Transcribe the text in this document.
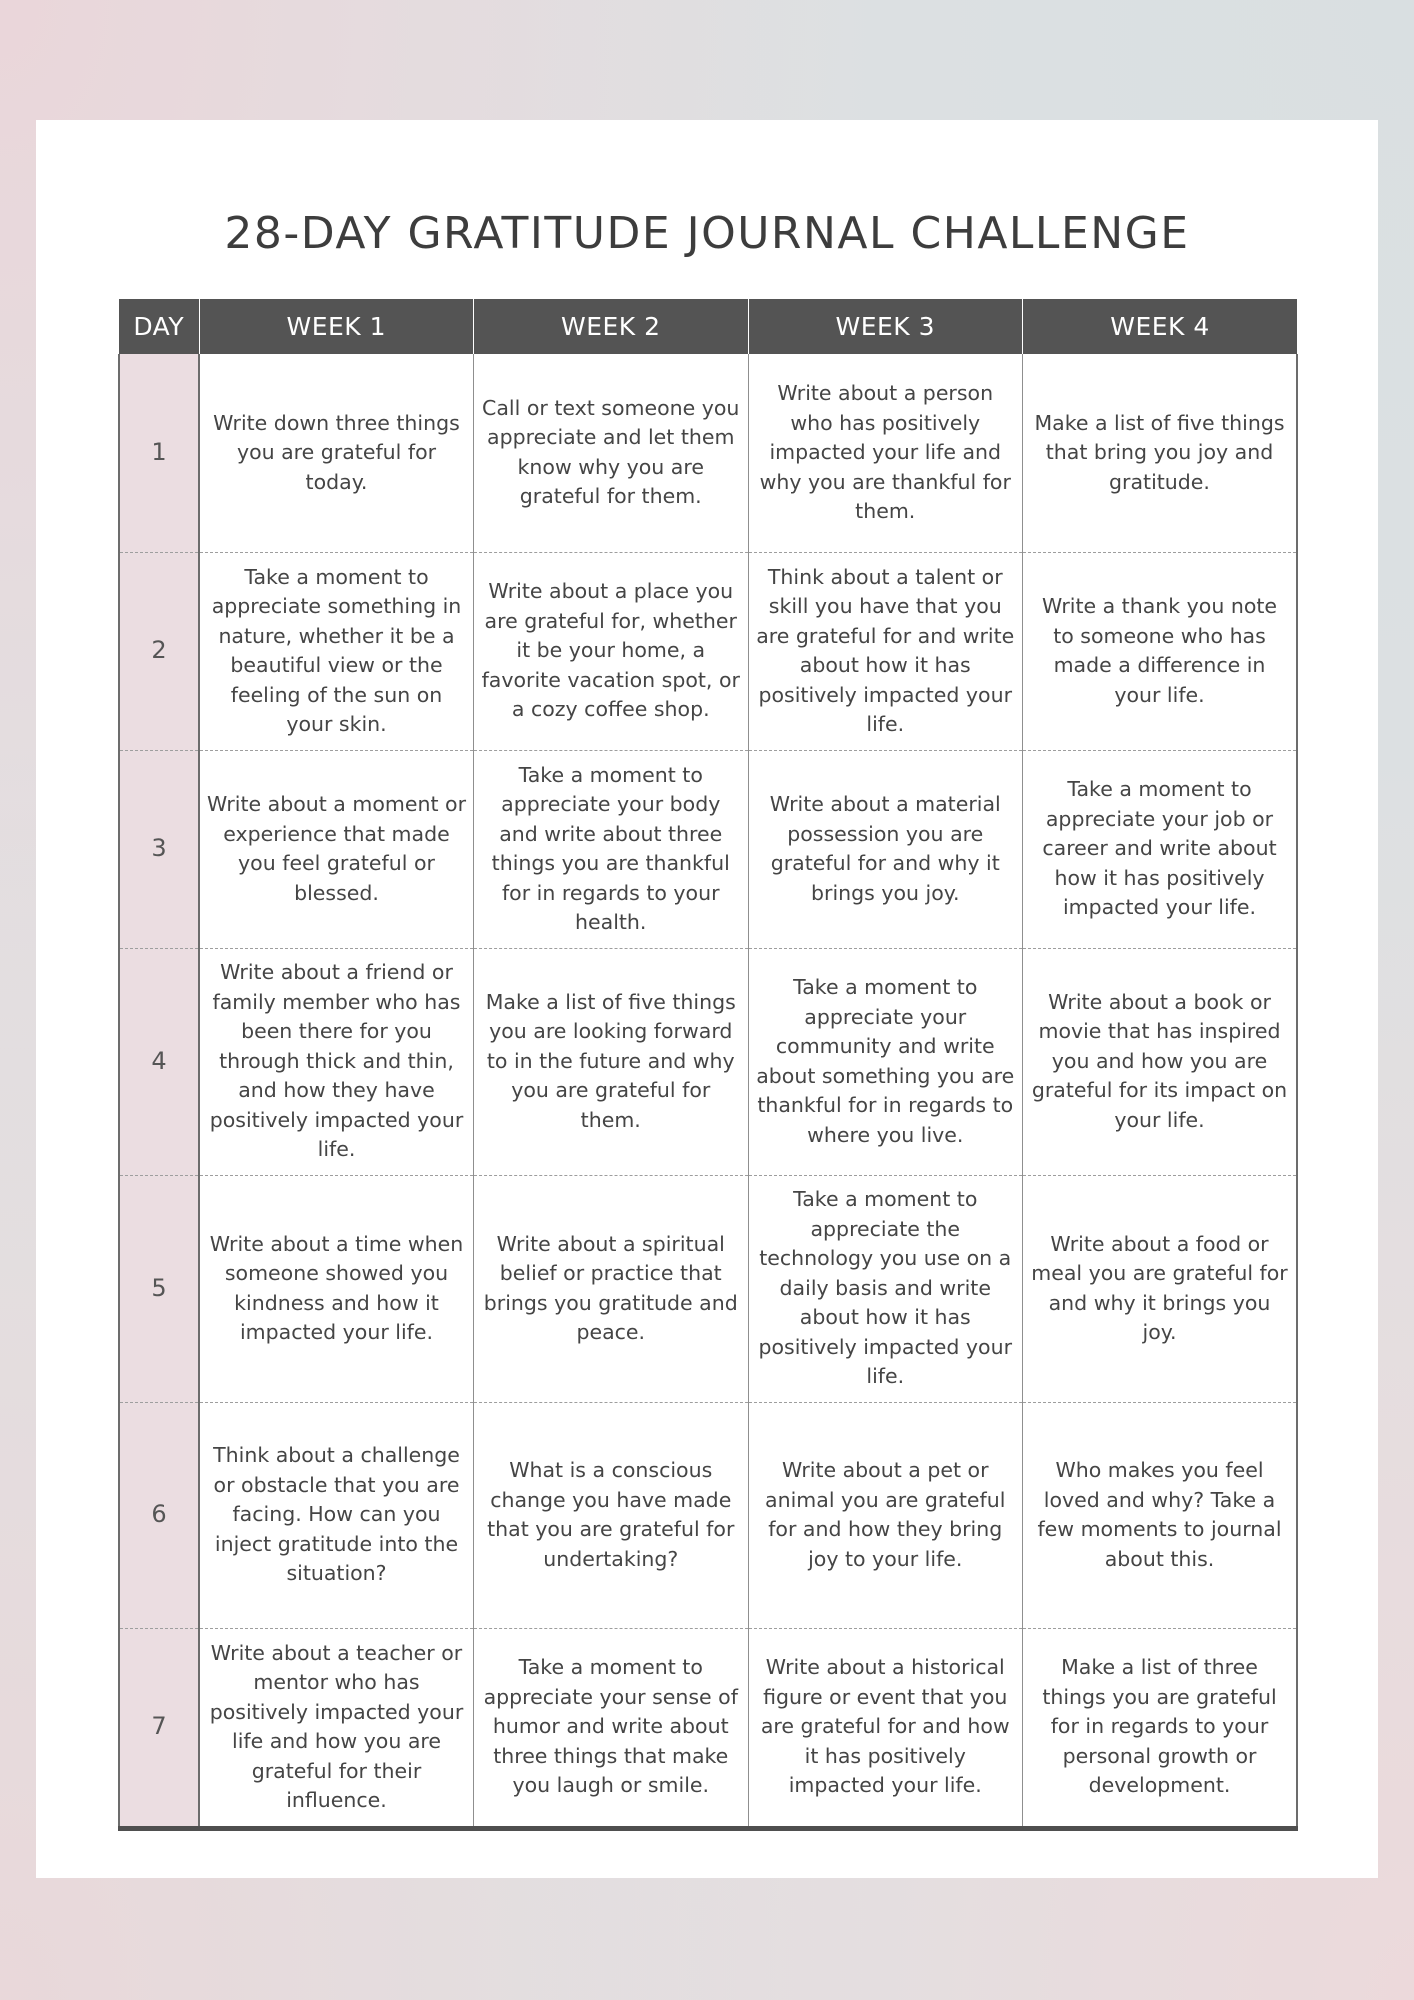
28-DAY GRATITUDE JOURNAL CHALLENGE
DAY	WEEK 1	WEEK 2	WEEK 3	WEEK 4
1	Write down three things you are grateful for today.	Call or text someone you appreciate and let them know why you are grateful for them.	Write about a person who has positively impacted your life and why you are thankful for them.	Make a list of five things that bring you joy and gratitude.
2	Take a moment to appreciate something in nature, whether it be a beautiful view or the feeling of the sun on your skin.	Write about a place you are grateful for, whether it be your home, a favorite vacation spot, or a cozy coffee shop.	Think about a talent or skill you have that you are grateful for and write about how it has positively impacted your life.	Write a thank you note to someone who has made a difference in your life.
3	Write about a moment or experience that made you feel grateful or blessed.	Take a moment to appreciate your body and write about three things you are thankful for in regards to your health.	Write about a material possession you are grateful for and why it brings you joy.	Take a moment to appreciate your job or career and write about how it has positively impacted your life.
4	Write about a friend or family member who has been there for you through thick and thin, and how they have positively impacted your life.	Make a list of five things you are looking forward to in the future and why you are grateful for them.	Take a moment to appreciate your community and write about something you are thankful for in regards to where you live.	Write about a book or movie that has inspired you and how you are grateful for its impact on your life.
5	Write about a time when someone showed you kindness and how it impacted your life.	Write about a spiritual belief or practice that brings you gratitude and peace.	Take a moment to appreciate the technology you use on a daily basis and write about how it has positively impacted your life.	Write about a food or meal you are grateful for and why it brings you joy.
6	Think about a challenge or obstacle that you are facing. How can you inject gratitude into the situation?	What is a conscious change you have made that you are grateful for undertaking?	Write about a pet or animal you are grateful for and how they bring joy to your life.	Who makes you feel loved and why? Take a few moments to journal about this.
7	Write about a teacher or mentor who has positively impacted your life and how you are grateful for their influence.	Take a moment to appreciate your sense of humor and write about three things that make you laugh or smile.	Write about a historical figure or event that you are grateful for and how it has positively impacted your life.	Make a list of three things you are grateful for in regards to your personal growth or development.
